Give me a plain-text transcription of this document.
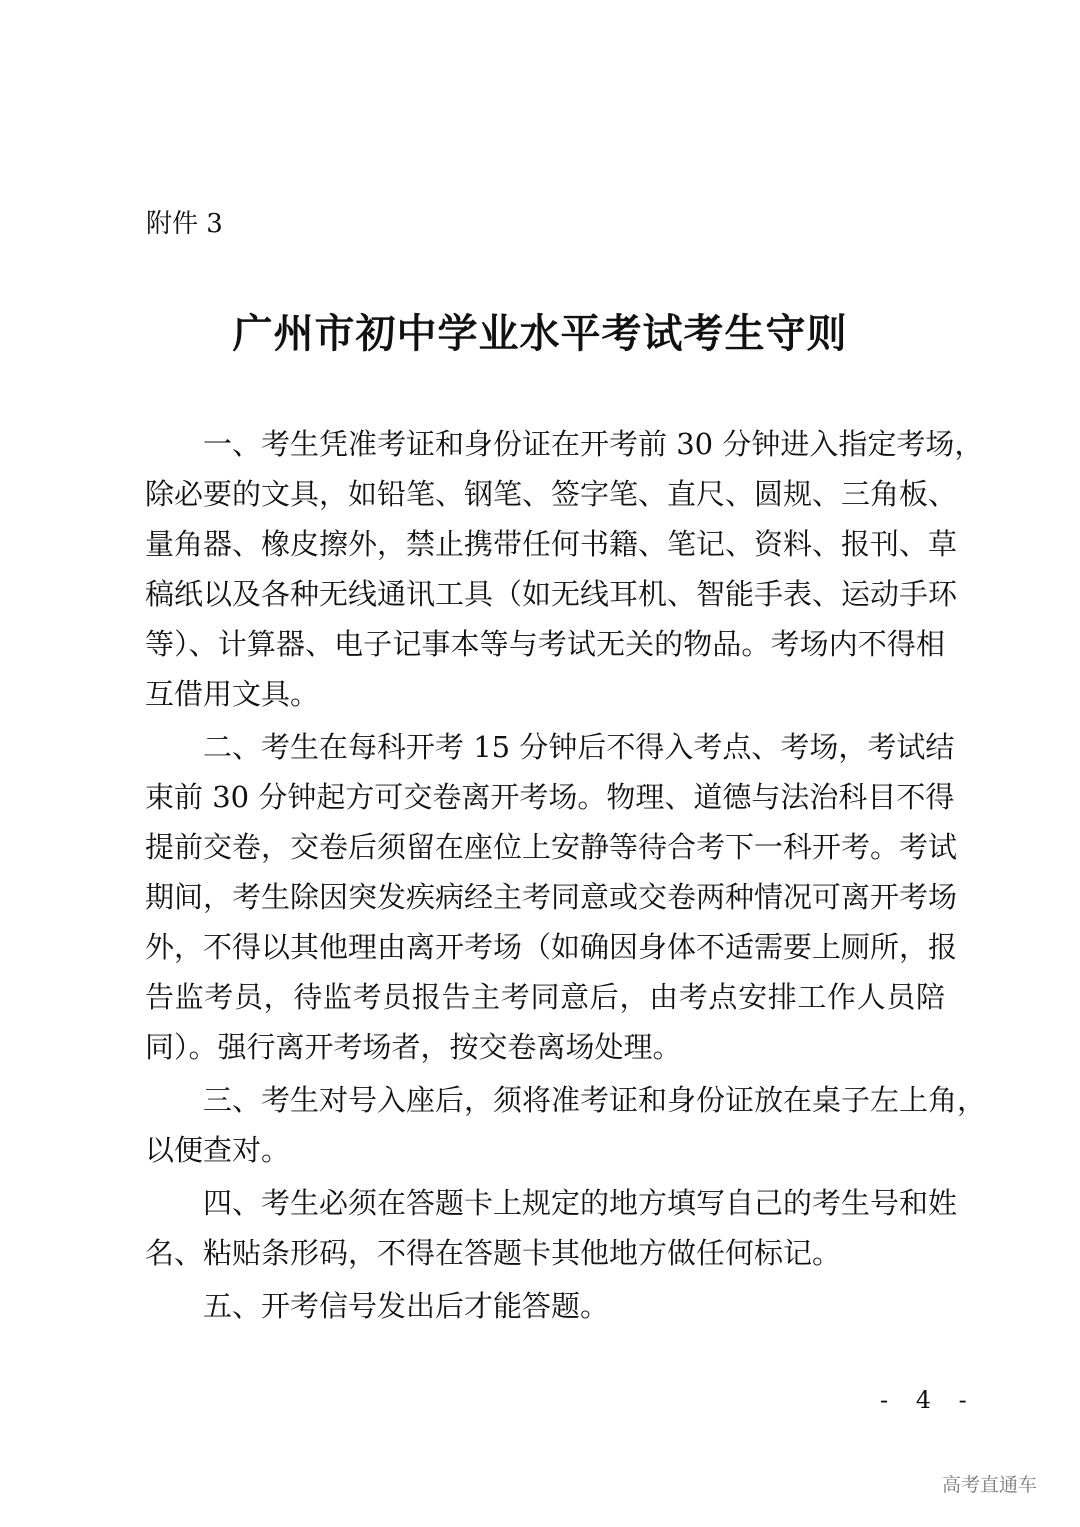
附件 3
广州市初中学业水平考试考生守则
一、考生凭准考证和身份证在开考前 30 分钟进入指定考场，
除必要的文具，如铅笔、钢笔、签字笔、直尺、圆规、三角板、
量角器、橡皮擦外，禁止携带任何书籍、笔记、资料、报刊、草
稿纸以及各种无线通讯工具（如无线耳机、智能手表、运动手环
等）、计算器、电子记事本等与考试无关的物品。考场内不得相
互借用文具。
二、考生在每科开考 15 分钟后不得入考点、考场，考试结
束前 30 分钟起方可交卷离开考场。物理、道德与法治科目不得
提前交卷，交卷后须留在座位上安静等待合考下一科开考。考试
期间，考生除因突发疾病经主考同意或交卷两种情况可离开考场
外，不得以其他理由离开考场（如确因身体不适需要上厕所，报
告监考员，待监考员报告主考同意后，由考点安排工作人员陪
同）。强行离开考场者，按交卷离场处理。
三、考生对号入座后，须将准考证和身份证放在桌子左上角，
以便查对。
四、考生必须在答题卡上规定的地方填写自己的考生号和姓
名、粘贴条形码，不得在答题卡其他地方做任何标记。
五、开考信号发出后才能答题。
- 4 -
高考直通车
